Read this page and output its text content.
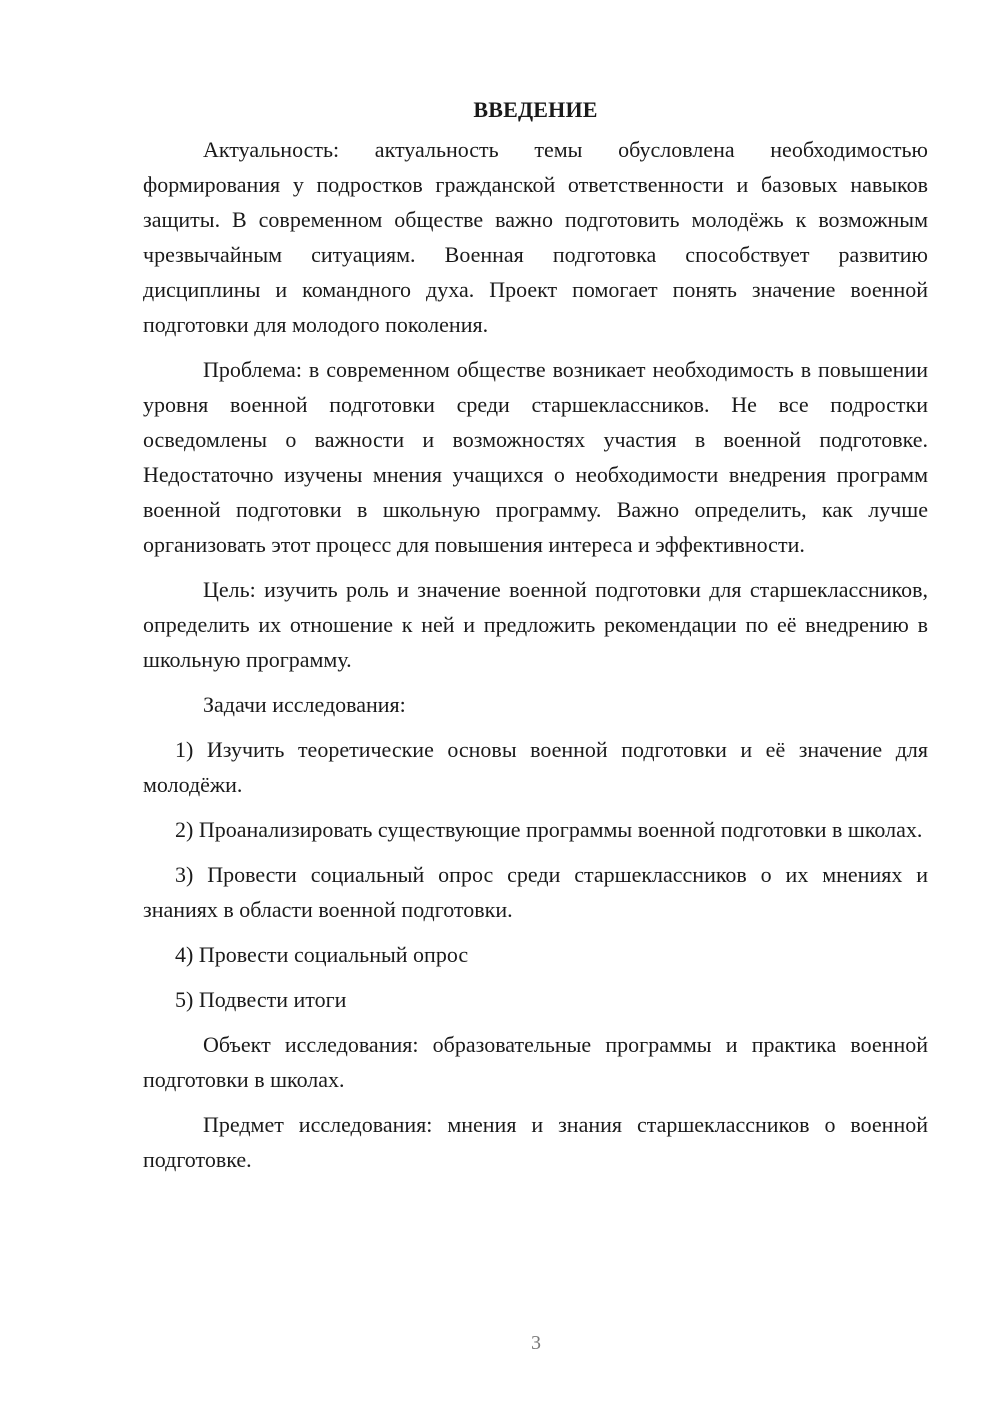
ВВЕДЕНИЕ

Актуальность: актуальность темы обусловлена необходимостью формирования у подростков гражданской ответственности и базовых навыков защиты. В современном обществе важно подготовить молодёжь к возможным чрезвычайным ситуациям. Военная подготовка способствует развитию дисциплины и командного духа. Проект помогает понять значение военной подготовки для молодого поколения.

Проблема: в современном обществе возникает необходимость в повышении уровня военной подготовки среди старшеклассников. Не все подростки осведомлены о важности и возможностях участия в военной подготовке. Недостаточно изучены мнения учащихся о необходимости внедрения программ военной подготовки в школьную программу. Важно определить, как лучше организовать этот процесс для повышения интереса и эффективности.

Цель: изучить роль и значение военной подготовки для старшеклассников, определить их отношение к ней и предложить рекомендации по её внедрению в школьную программу.

Задачи исследования:

1) Изучить теоретические основы военной подготовки и её значение для молодёжи.

2) Проанализировать существующие программы военной подготовки в школах.

3) Провести социальный опрос среди старшеклассников о их мнениях и знаниях в области военной подготовки.

4) Провести социальный опрос

5) Подвести итоги

Объект исследования: образовательные программы и практика военной подготовки в школах.

Предмет исследования: мнения и знания старшеклассников о военной подготовке.

3
